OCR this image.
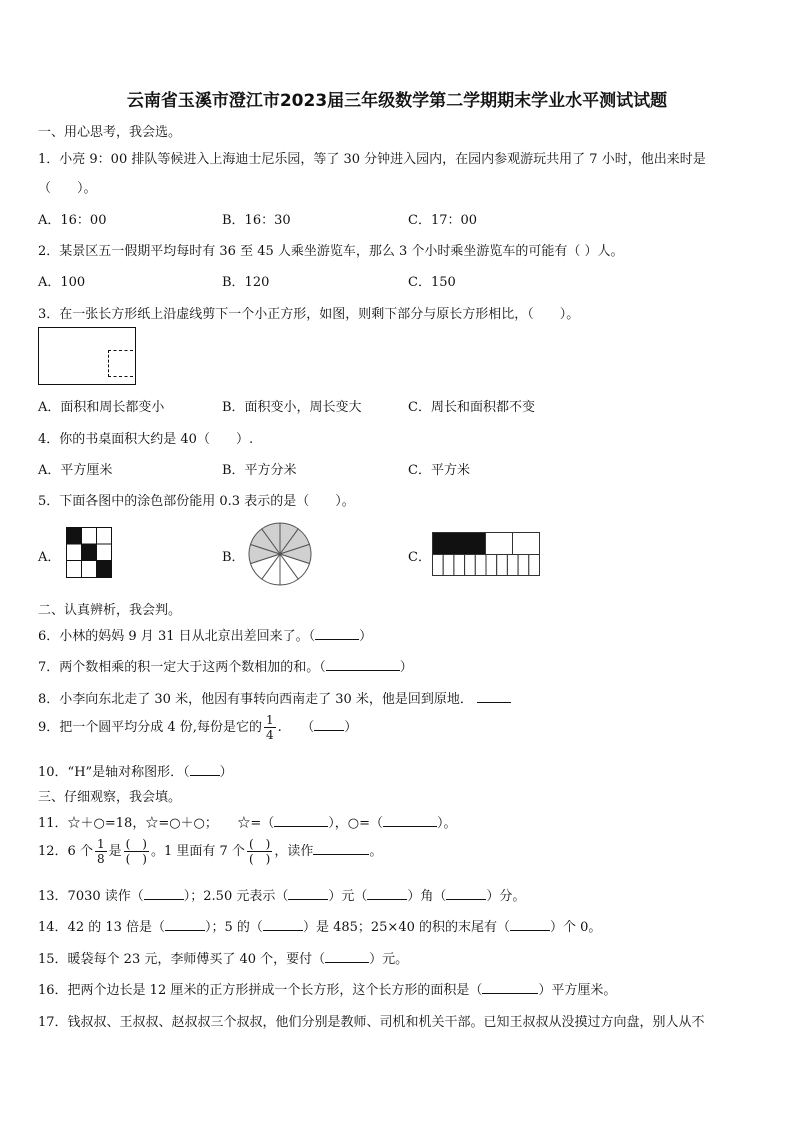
云南省玉溪市澄江市2023届三年级数学第二学期期末学业水平测试试题
一、用心思考，我会选。
1．小亮 9：00 排队等候进入上海迪士尼乐园，等了 30 分钟进入园内，在园内参观游玩共用了 7 小时，他出来时是
（　　）。
A．16：00	B．16：30	C．17：00
2．某景区五一假期平均每时有 36 至 45 人乘坐游览车，那么 3 个小时乘坐游览车的可能有（ ）人。
A．100	B．120	C．150
3．在一张长方形纸上沿虚线剪下一个小正方形，如图，则剩下部分与原长方形相比，（　　）。
A．面积和周长都变小	B．面积变小，周长变大	C．周长和面积都不变
4．你的书桌面积大约是 40（　　）.
A．平方厘米	B．平方分米	C．平方米
5．下面各图中的涂色部份能用 0.3 表示的是（　　）。
A．	B．	C．
二、认真辨析，我会判。
6．小林的妈妈 9 月 31 日从北京出差回来了。（	）
7．两个数相乘的积一定大于这两个数相加的和。（	）
8．小李向东北走了 30 米，他因有事转向西南走了 30 米，他是回到原地．
9．把一个圆平均分成 4 份,每份是它的 $\frac{1}{4}$ .　　（ ）
10．“H”是轴对称图形．（ ）
三、仔细观察，我会填。
11．☆＋○=18，☆=○＋○；　　☆=（	），○=（	）。
12．6 个 $\frac{1}{8}$ 是 $\frac{( )}{( )}$ 。1 里面有 7 个 $\frac{( )}{( )}$ ，读作	。
13．7030 读作（	）；2.50 元表示（	）元（	）角（	）分。
14．42 的 13 倍是（	）；5 的（	）是 485；25×40 的积的末尾有（	）个 0。
15．暖袋每个 23 元，李师傅买了 40 个，要付（	）元。
16．把两个边长是 12 厘米的正方形拼成一个长方形，这个长方形的面积是（	）平方厘米。
17．钱叔叔、王叔叔、赵叔叔三个叔叔，他们分别是教师、司机和机关干部。已知王叔叔从没摸过方向盘，别人从不
